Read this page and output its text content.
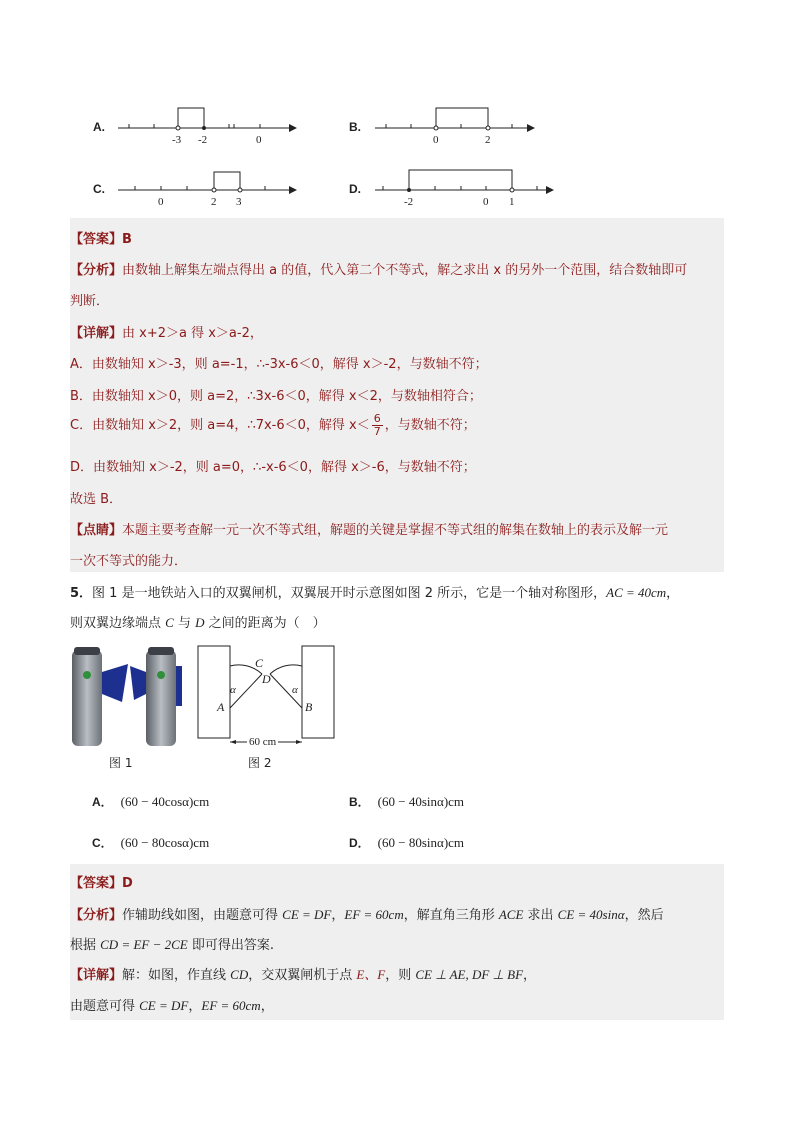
A.
-3 -2	0
B.
0	2
C.
0	2 3
D.
-2	0 1
【答案】B
【分析】由数轴上解集左端点得出 a 的值，代入第二个不等式，解之求出 x 的另外一个范围，结合数轴即可
判断．
【详解】由 x+2＞a 得 x＞a-2，
A．由数轴知 x＞-3，则 a=-1，∴-3x-6＜0，解得 x＞-2，与数轴不符；
B．由数轴知 x＞0，则 a=2，∴3x-6＜0，解得 x＜2，与数轴相符合；
C．由数轴知 x＞2，则 a=4，∴7x-6＜0，解得 $x< \frac{6}{7}$ ，与数轴不符；
D．由数轴知 x＞-2，则 a=0，∴-x-6＜0，解得 x＞-6，与数轴不符；
故选 B．
【点睛】本题主要考查解一元一次不等式组，解题的关键是掌握不等式组的解集在数轴上的表示及解一元
一次不等式的能力．
5．图 1 是一地铁站入口的双翼闸机，双翼展开时示意图如图 2 所示，它是一个轴对称图形，AC = 40cm，
则双翼边缘端点 C 与 D 之间的距离为（　）
图 1
C
D
α	α
A	B
60 cm
图 2
A． (60 − 40cosα)cm	B． (60 − 40sinα)cm
C． (60 − 80cosα)cm	D． (60 − 80sinα)cm
【答案】D
【分析】作辅助线如图，由题意可得 CE = DF，EF = 60cm，解直角三角形 ACE 求出 CE = 40sinα，然后
根据 CD = EF − 2CE 即可得出答案.
【详解】解：如图，作直线 CD，交双翼闸机于点 E、F，则 CE ⊥ AE, DF ⊥ BF，
由题意可得 CE = DF，EF = 60cm，
